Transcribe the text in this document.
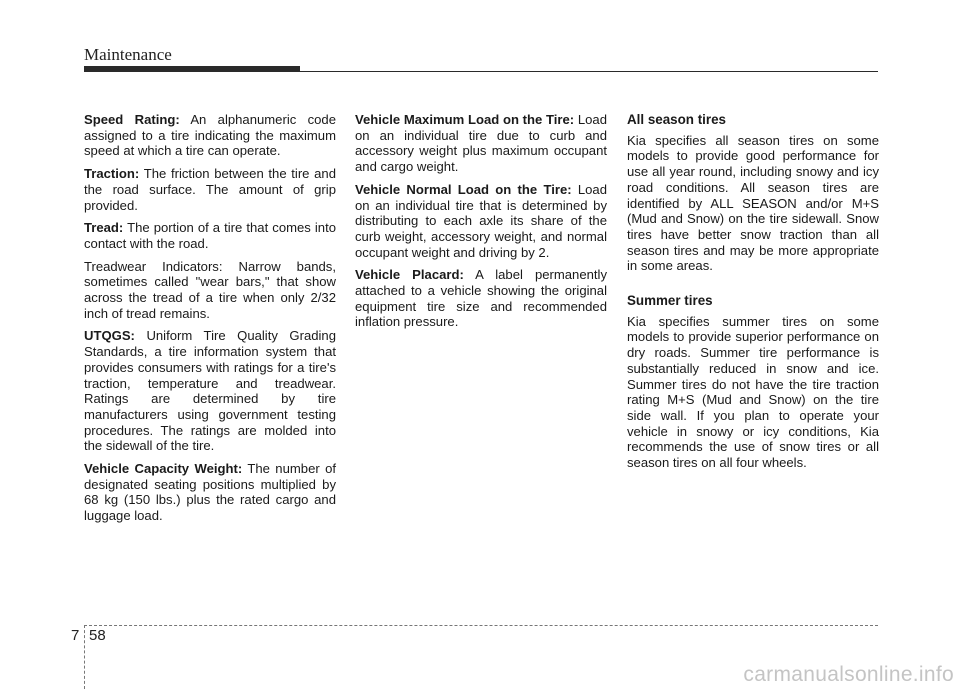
Maintenance

Speed Rating: An alphanumeric code assigned to a tire indicating the maximum speed at which a tire can operate.

Traction: The friction between the tire and the road surface. The amount of grip provided.

Tread: The portion of a tire that comes into contact with the road.

Treadwear Indicators: Narrow bands, sometimes called "wear bars," that show across the tread of a tire when only 2/32 inch of tread remains.

UTQGS: Uniform Tire Quality Grading Standards, a tire information system that provides consumers with ratings for a tire's traction, temperature and treadwear. Ratings are determined by tire manufacturers using government testing procedures. The ratings are molded into the sidewall of the tire.

Vehicle Capacity Weight: The number of designated seating positions multiplied by 68 kg (150 lbs.) plus the rated cargo and luggage load.

Vehicle Maximum Load on the Tire: Load on an individual tire due to curb and accessory weight plus maximum occupant and cargo weight.

Vehicle Normal Load on the Tire: Load on an individual tire that is determined by distributing to each axle its share of the curb weight, accessory weight, and normal occupant weight and driving by 2.

Vehicle Placard: A label permanently attached to a vehicle showing the original equipment tire size and recommended inflation pressure.

All season tires

Kia specifies all season tires on some models to provide good performance for use all year round, including snowy and icy road conditions. All season tires are identified by ALL SEASON and/or M+S (Mud and Snow) on the tire sidewall. Snow tires have better snow traction than all season tires and may be more appropriate in some areas.

Summer tires

Kia specifies summer tires on some models to provide superior performance on dry roads. Summer tire performance is substantially reduced in snow and ice. Summer tires do not have the tire traction rating M+S (Mud and Snow) on the tire side wall. If you plan to operate your vehicle in snowy or icy conditions, Kia recommends the use of snow tires or all season tires on all four wheels.

7 58
carmanualsonline.info
